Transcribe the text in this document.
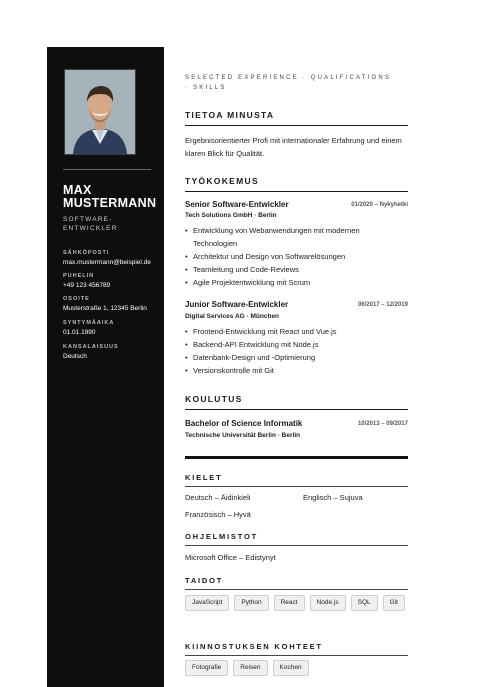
MAX MUSTERMANN
SOFTWARE-ENTWICKLER
SÄHKÖPOSTI
max.mustermann@beispiel.de
PUHELIN
+49 123 456789
OSOITE
Musterstraße 1, 12345 Berlin
SYNTYMÄAIKA
01.01.1990
KANSALAISUUS
Deutsch
SELECTED EXPERIENCE · QUALIFICATIONS · SKILLS
TIETOA MINUSTA
Ergebnisorientierter Profi mit internationaler Erfahrung und einem klaren Blick für Qualität.
TYÖKOKEMUS
Senior Software-Entwickler	01/2020 – Nykyhetki
Tech Solutions GmbH · Berlin
• Entwicklung von Webanwendungen mit modernen Technologien
• Architektur und Design von Softwarelösungen
• Teamleitung und Code-Reviews
• Agile Projektentwicklung mit Scrum
Junior Software-Entwickler	06/2017 – 12/2019
Digital Services AG · München
• Frontend-Entwicklung mit React und Vue.js
• Backend-API Entwicklung mit Node.js
• Datenbank-Design und -Optimierung
• Versionskontrolle mit Git
KOULUTUS
Bachelor of Science Informatik	10/2013 – 09/2017
Technische Universität Berlin · Berlin
KIELET
Deutsch – Äidinkieli	Englisch – Sujuva
Französisch – Hyvä
OHJELMISTOT
Microsoft Office – Edistynyt
TAIDOT
JavaScript	Python	React	Node.js	SQL	Git
KIINNOSTUKSEN KOHTEET
Fotografie	Reisen	Kochen
